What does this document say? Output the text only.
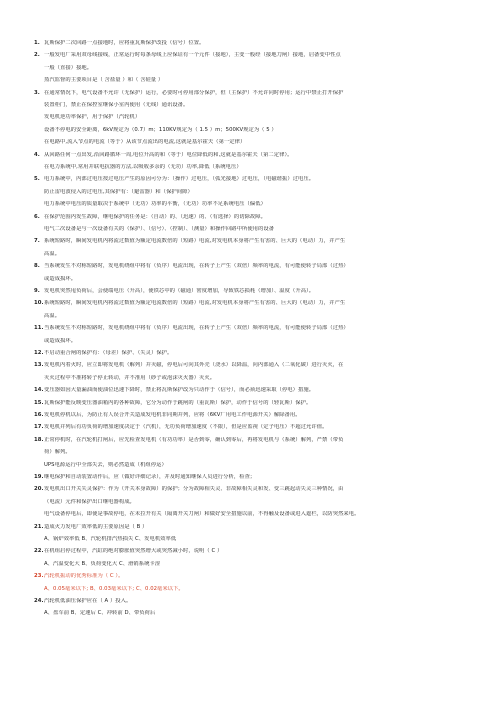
1. 瓦斯保护二次回路一点接地时，应将重瓦斯保护改投（信号）位置。
2. 一般发电厂采用双母线接线，正常运行时每条母线上应保证有一个元件（接地），主变一般经（接地刀闸）接地，启备变中性点
一般（直接）接地。
蒸汽监督的主要项目是（ 含盐量 ）和（ 含硅量 ）
3. 在通常情况下，电气设备不允许（无保护）运行，必要时可停用部分保护，但（主保护）不允许同时停用；运行中禁止打开保护
装置柜门，禁止在保控室继保小室内使用（无线）通讯设备。
发电机逆功率保护，用于保护（汽轮机）
设备不停电的安全距离，6kV规定为（0.7）m；110KV规定为（ 1.5 ）m；500KV规定为（ 5 ）
在电路中,流入节点的电流（等于）从该节点流出的电流,这就是基尔霍夫（第一定律）
4. 从回路任何一点出发,沿回路循环一周,电位升高的和（等于）电位降低的和,这就是基尔霍夫（第二定律）。
在电力系统中,常用并联电抗器的方法,以吸收多余的（无功）功率,降低（系统电压）
5. 电力系统中，内部过电压按过电压产生的原因可分为：（操作）过电压，（弧光接地）过电压，（电磁谐振）过电压。
防止雷电波侵入的过电压,其保护有：（避雷器）和（保护间隙）
电力系统中电压的质量取决于系统中（无功）功率的平衡，（无功）功率不足系统电压（偏低）
6. 在保护范围内发生故障，继电保护的任务是：（自动）的、（迅速）的、（有选择）的切除故障。
电气二次设备是与一次设备有关的（保护）、（信号）、（控制）、（测量）和操作回路中所使用的设备
7. 系统短路时，瞬间发电机内将流过数值为额定电流数倍的（短路）电流,对发电机本身将产生有害的、巨大的（电动）力，并产生
高温。
8. 当系统发生不对称短路时，发电机绕组中将有（负序）电流出现，在转子上产生（双倍）频率的电流，有可能使转子局部（过热）
或造成损坏。
9. 发电机突然甩负荷后，会使端电压（升高），使铁芯中的（磁通）密度增加，导致铁芯损耗（增加）、温度（升高）。
10.系统短路时，瞬间发电机内将流过数值为额定电流数倍的（短路）电流,对发电机本身将产生有害的、巨大的（电动）力，并产生
高温。
11.当系统发生不对称短路时，发电机绕组中将有（负序）电流出现，在转子上产生（双倍）频率的电流，有可能使转子局部（过热）
或造成损坏。
12.不启动重合闸的保护有：（母差）保护、（失灵）保护。
13.发电机内着火时，应立即将发电机（解列）并灭磁，停电后可向其外壳（浇水）以降温，向内部通入（二氧化碳）进行灭火，在
灭火过程中不准将转子停止转动，并不准用（砂子或泡沫灭火器）灭火。
14.变压器如因大量漏油而使油位迅速下降时，禁止将瓦斯保护改为只动作于（信号），而必须迅速采取（停电）措施。
15.瓦斯保护能反映变压器油箱内的各种故障，它分为动作于跳闸的（重瓦斯）保护，动作于信号的（轻瓦斯）保护。
16.发电机停机以后，为防止有人误合开关造成发电机非同期并列，应将（6KV厂用电工作电源开关）解除备用。
17.发电机并列后有功负荷的增加速度决定于（汽机），无功负荷增加速度（不限），但是应监视（定子电压）不超过允许值。
18.正常停机时，在汽轮机打闸后，应先检查发电机（有功功率）是否到零，确认到零后，再将发电机与（系统）解列，严禁（带负
荷）解列。
UPS电源运行中全部失去，则必然造成（机组停运）
19.继电保护和自动装置动作后，应（做好详细记录），并及时通知继保人员进行分析，检查；
20.发电机出口开关失灵保护：作为（开关本身故障）的保护；分为故障相失灵、非故障相失灵和发、变三跳起动失灵三种情况，由
（电流）元件和保护出口继电器构成。
电气设备停电后，即使是事故停电，在未拉开有关（隔离开关刀闸）和做好安全措施以前，不得触及设备或进入遮栏，以防突然来电。
21.造成火力发电厂效率低的主要原因是（ B ）
A、锅炉效率低 B、汽轮机排汽热损失 C、发电机效率低
22.在机组启停过程中，汽缸的绝对膨胀值突然增大或突然减小时，说明（ C ）
A、汽温变化大 B、负荷变化大 C、滑销系统卡涩
23.汽轮机振动的优秀标准为（ C ）。
A、0.05毫米以下; B、0.03毫米以下; C、0.02毫米以下。
24.汽轮机低油压保护应在（ A ）投入。
A、盘车前 B、定速后 C、冲转前 D、带负荷后
